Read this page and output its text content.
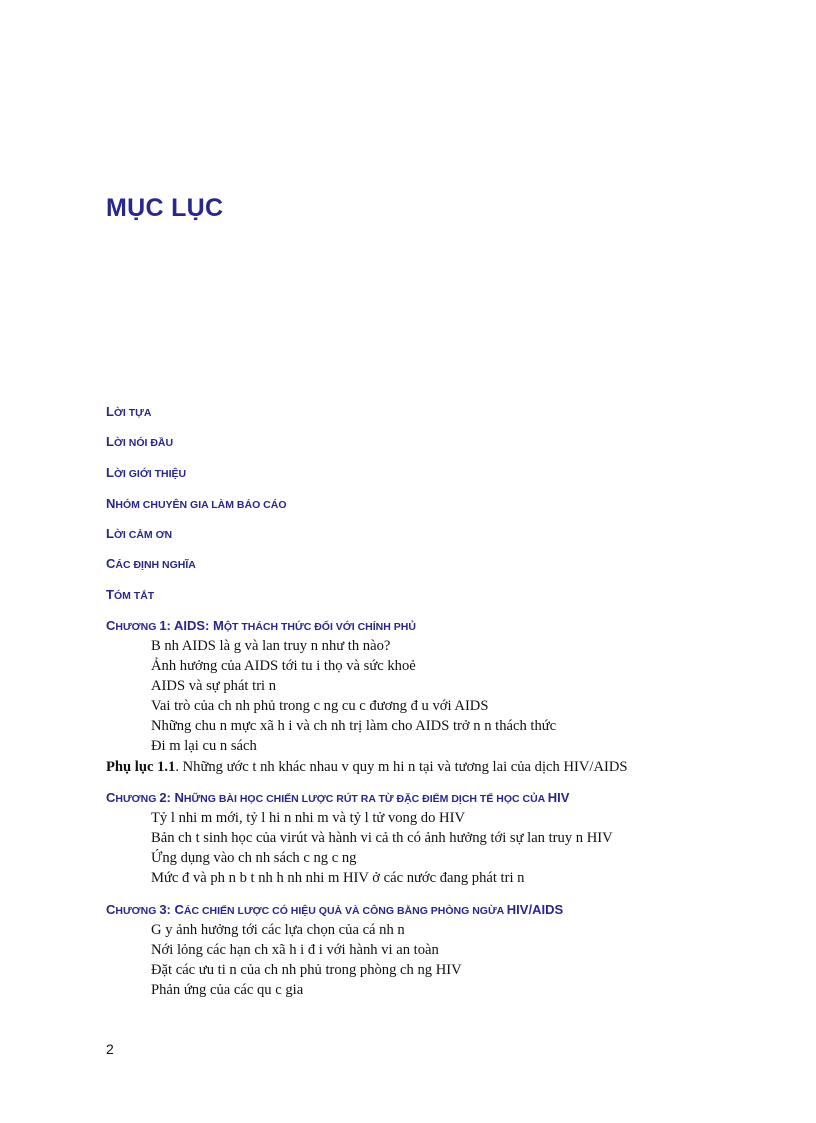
MỤC LỤC

LỜI TỰA

LỜI NÓI ĐẦU

LỜI GIỚI THIỆU

NHÓM CHUYÊN GIA LÀM BÁO CÁO

LỜI CẢM ƠN

CÁC ĐỊNH NGHĨA

TÓM TẮT

CHƯƠNG 1: AIDS: MỘT THÁCH THỨC ĐỐI VỚI CHÍNH PHỦ

B nh AIDS là g và lan truy n như th nào?

Ảnh hưởng của AIDS tới tu i thọ và sức khoẻ

AIDS và sự phát tri n

Vai trò của ch nh phủ trong c ng cu c đương đ u với AIDS

Những chu n mực xã h i và ch nh trị làm cho AIDS trở n n thách thức

Đi m lại cu n sách

Phụ lục 1.1. Những ước t nh khác nhau v quy m hi n tại và tương lai của dịch HIV/AIDS

CHƯƠNG 2: NHỮNG BÀI HỌC CHIẾN LƯỢC RÚT RA TỪ ĐẶC ĐIỂM DỊCH TẾ HỌC CỦA HIV

Tỷ l nhi m mới, tỷ l hi n nhi m và tỷ l tử vong do HIV

Bản ch t sinh học của virút và hành vi cả th có ảnh hưởng tới sự lan truy n HIV

Ứng dụng vào ch nh sách c ng c ng

Mức đ và ph n b t nh h nh nhi m HIV ở các nước đang phát tri n

CHƯƠNG 3: CÁC CHIẾN LƯỢC CÓ HIỆU QUẢ VÀ CÔNG BẰNG PHÒNG NGỪA HIV/AIDS

G y ảnh hưởng tới các lựa chọn của cá nh n

Nới lỏng các hạn ch xã h i đ i với hành vi an toàn

Đặt các ưu ti n của ch nh phủ trong phòng ch ng HIV

Phản ứng của các qu c gia

2
